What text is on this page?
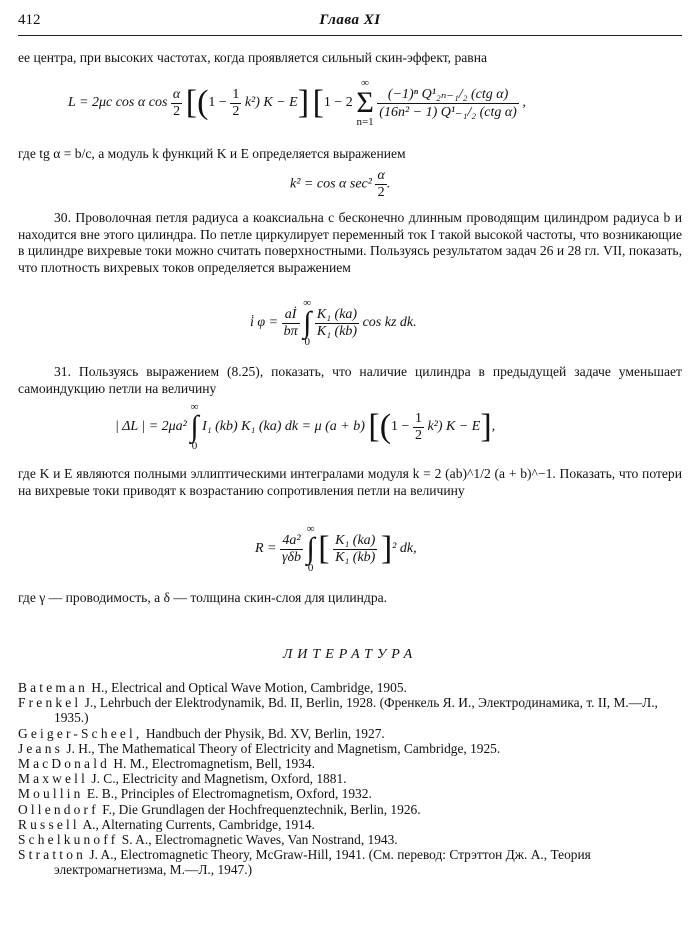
412	Глава XI
ее центра, при высоких частотах, когда проявляется сильный скин-эффект, равна
L = 2μc cos α $\cos \frac{\alpha}{2} [(1 - \frac{1}{2} k^2) K - E] [1 - 2$ ∞
Σ
n=1
$\frac{\text{(−1)ⁿ Q¹₂ₙ₋₁/₂ (ctg α)}}{\text{(16n² − 1) Q¹₋₁/₂ (ctg α)}}$ ,
где tg α = b/c, а модуль k функций K и E определяется выражением
k² = cos α $\sec^2 \frac{\alpha}{2}$ .
30. Проволочная петля радиуса a коаксиальна с бесконечно длинным проводящим цилиндром радиуса b и находится вне этого цилиндра. По петле циркулирует переменный ток I такой высокой частоты, что возникающие в цилиндре вихревые токи можно считать поверхностными. Пользуясь результатом задач 26 и 28 гл. VII, показать, что плотность вихревых токов определяется выражением
i̇ $\varphi = \frac{aİ}{b\pi}$
∞
∫
0
$\frac{\text{K₁ (ka)}}{\text{K₁ (kb)}}$ cos kz dk.
31. Пользуясь выражением (8.25), показать, что наличие цилиндра в предыдущей задаче уменьшает самоиндукцию петли на величину
| ΔL | = 2μa² ∞
∫
0 I₁ (kb) K₁ (ka) dk = μ (a + b) [$(1 - \frac{1}{2} k^2)$ K − E],
где K и E являются полными эллиптическими интегралами модуля k = 2 (ab)^1/2 (a + b)^−1. Показать, что потери на вихревые токи приводят к возрастанию сопротивления петли на величину
$R = \frac{\text{4a²}}{\text{γδb}}$
∞
∫
0 [ $\frac{\text{K₁ (ka)}}{\text{K₁ (kb)}} ]^2$ dk,
где γ — проводимость, а δ — толщина скин-слоя для цилиндра.
ЛИТЕРАТУРА
Bateman H., Electrical and Optical Wave Motion, Cambridge, 1905.
Frenkel J., Lehrbuch der Elektrodynamik, Bd. II, Berlin, 1928. (Френкель Я. И., Электродинамика, т. II, М.—Л., 1935.)
Geiger-Scheel, Handbuch der Physik, Bd. XV, Berlin, 1927.
Jeans J. H., The Mathematical Theory of Electricity and Magnetism, Cambridge, 1925.
MacDonald H. M., Electromagnetism, Bell, 1934.
Maxwell J. C., Electricity and Magnetism, Oxford, 1881.
Moullin E. B., Principles of Electromagnetism, Oxford, 1932.
Ollendorf F., Die Grundlagen der Hochfrequenztechnik, Berlin, 1926.
Russell A., Alternating Currents, Cambridge, 1914.
Schelkunoff S. A., Electromagnetic Waves, Van Nostrand, 1943.
Stratton J. A., Electromagnetic Theory, McGraw-Hill, 1941. (См. перевод: Стрэттон Дж. А., Теория электромагнетизма, М.—Л., 1947.)
